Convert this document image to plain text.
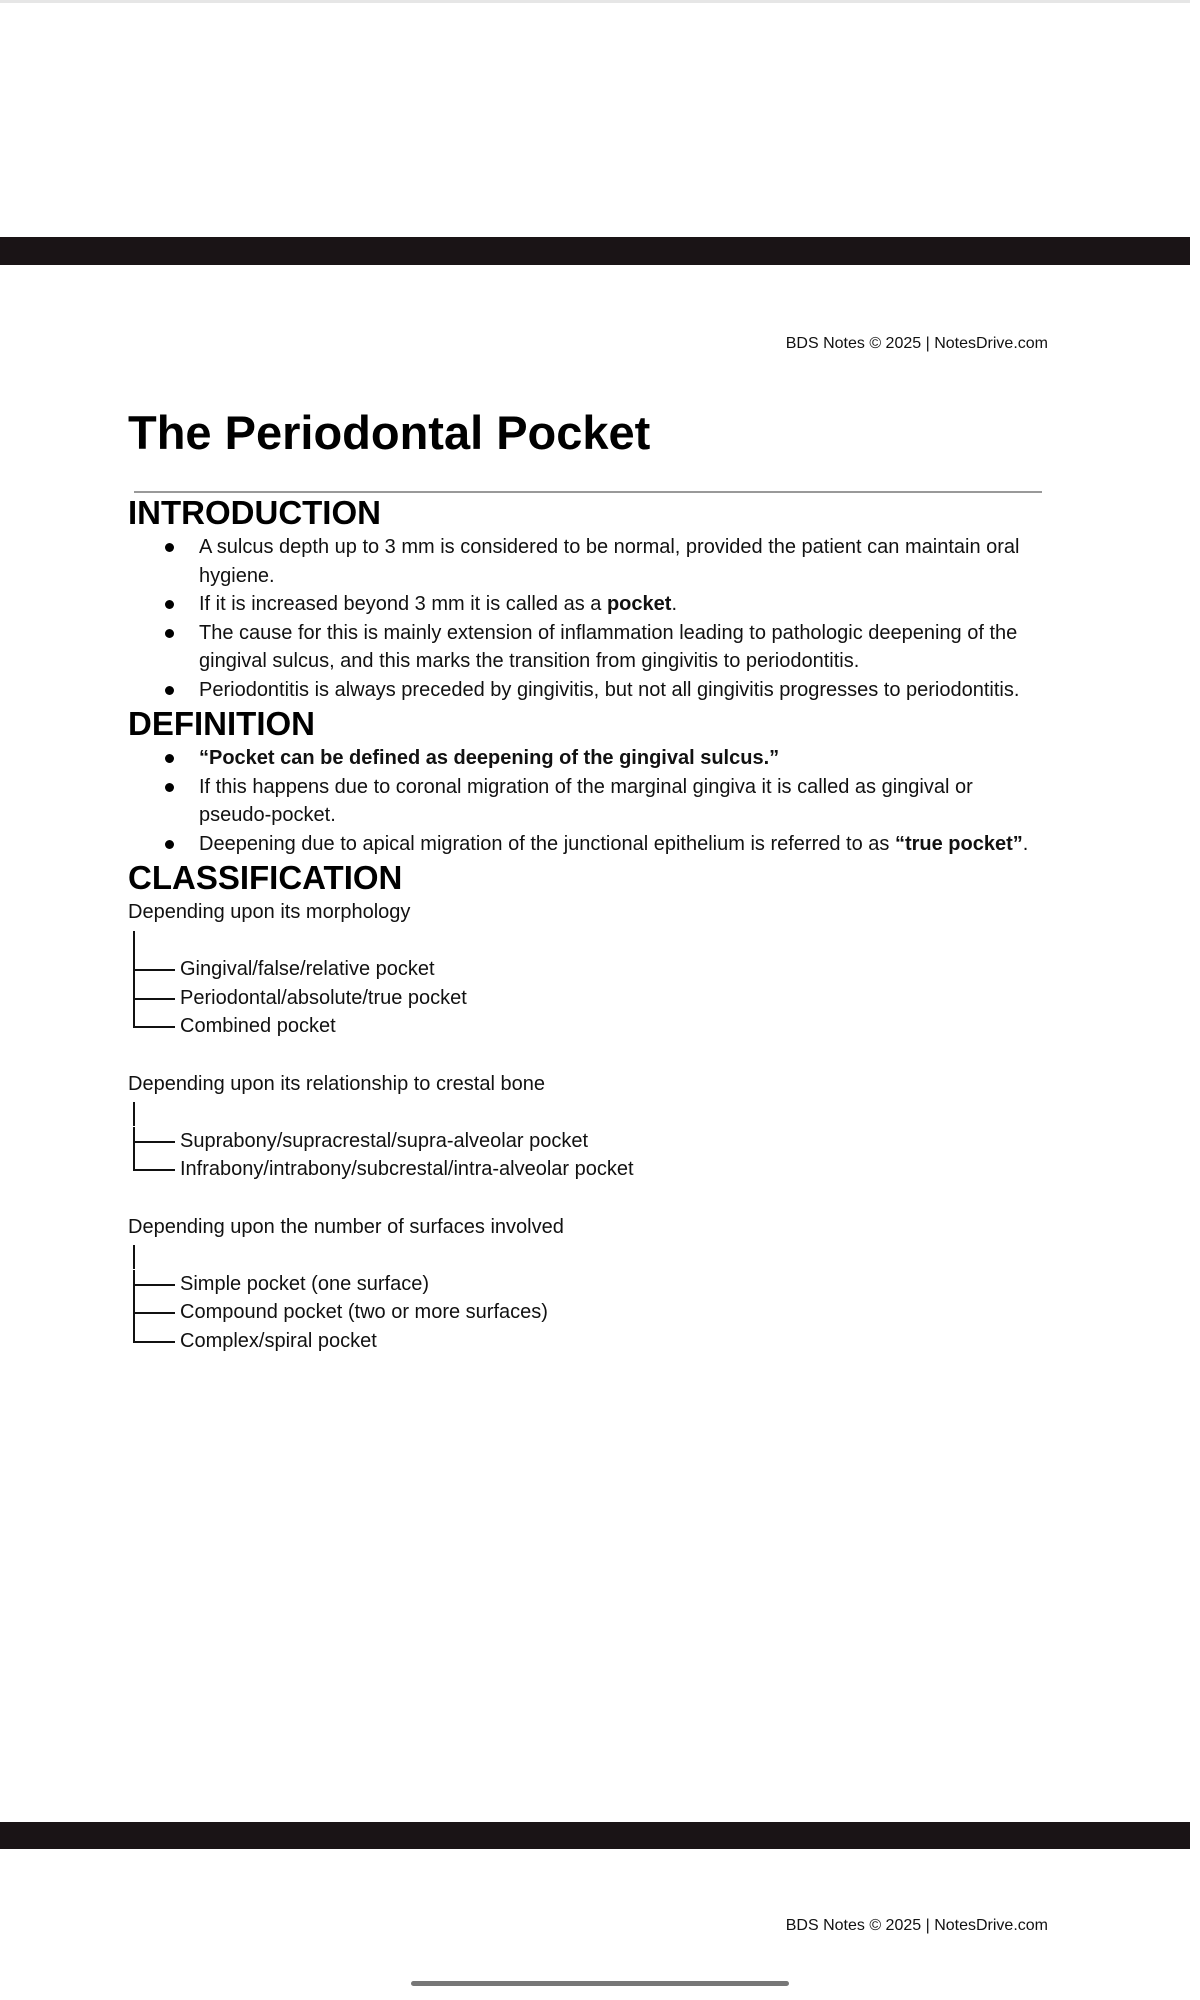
BDS Notes © 2025 | NotesDrive.com
The Periodontal Pocket
INTRODUCTION
A sulcus depth up to 3 mm is considered to be normal, provided the patient can maintain oral hygiene.
If it is increased beyond 3 mm it is called as a pocket.
The cause for this is mainly extension of inflammation leading to pathologic deepening of the gingival sulcus, and this marks the transition from gingivitis to periodontitis.
Periodontitis is always preceded by gingivitis, but not all gingivitis progresses to periodontitis.
DEFINITION
“Pocket can be defined as deepening of the gingival sulcus.”
If this happens due to coronal migration of the marginal gingiva it is called as gingival or pseudo-pocket.
Deepening due to apical migration of the junctional epithelium is referred to as “true pocket”.
CLASSIFICATION
Depending upon its morphology
Gingival/false/relative pocket
Periodontal/absolute/true pocket
Combined pocket
Depending upon its relationship to crestal bone
Suprabony/supracrestal/supra-alveolar pocket
Infrabony/intrabony/subcrestal/intra-alveolar pocket
Depending upon the number of surfaces involved
Simple pocket (one surface)
Compound pocket (two or more surfaces)
Complex/spiral pocket
BDS Notes © 2025 | NotesDrive.com
